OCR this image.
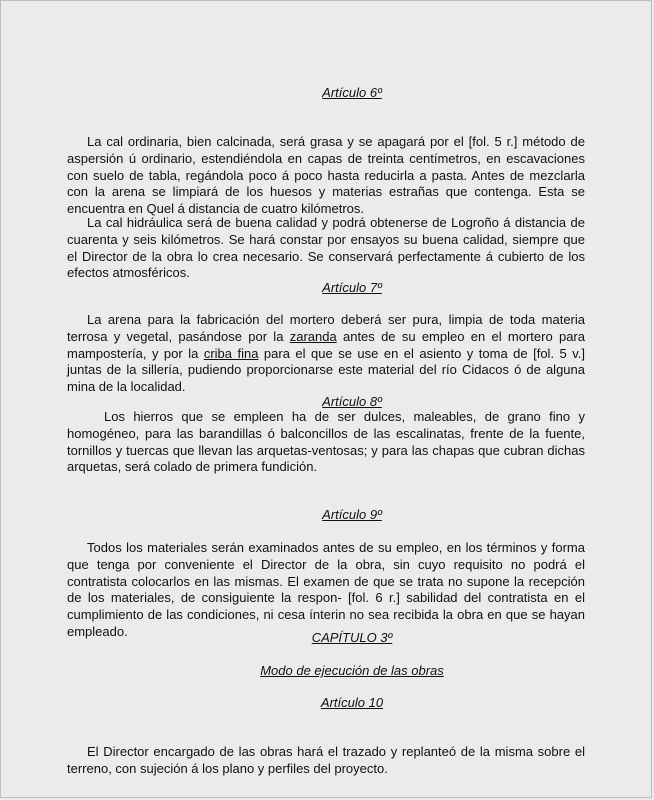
Artículo 6º
La cal ordinaria, bien calcinada, será grasa y se apagará por el [fol. 5 r.] método de aspersión ú ordinario, estendiéndola en capas de treinta centímetros, en escavaciones con suelo de tabla, regándola poco á poco hasta reducirla a pasta. Antes de mezclarla con la arena se limpiará de los huesos y materias estrañas que contenga. Esta se encuentra en Quel á distancia de cuatro kilómetros.
La cal hidráulica será de buena calidad y podrá obtenerse de Logroño á distancia de cuarenta y seis kilómetros. Se hará constar por ensayos su buena calidad, siempre que el Director de la obra lo crea necesario. Se conservará perfectamente á cubierto de los efectos atmosféricos.
Artículo 7º
La arena para la fabricación del mortero deberá ser pura, limpia de toda materia terrosa y vegetal, pasándose por la zaranda antes de su empleo en el mortero para mampostería, y por la criba fina para el que se use en el asiento y toma de [fol. 5 v.] juntas de la sillería, pudiendo proporcionarse este material del río Cidacos ó de alguna mina de la localidad.
Artículo 8º
Los hierros que se empleen ha de ser dulces, maleables, de grano fino y homogéneo, para las barandillas ó balconcillos de las escalinatas, frente de la fuente, tornillos y tuercas que llevan las arquetas-ventosas; y para las chapas que cubran dichas arquetas, será colado de primera fundición.
Artículo 9º
Todos los materiales serán examinados antes de su empleo, en los términos y forma que tenga por conveniente el Director de la obra, sin cuyo requisito no podrá el contratista colocarlos en las mismas. El examen de que se trata no supone la recepción de los materiales, de consiguiente la respon- [fol. 6 r.] sabilidad del contratista en el cumplimiento de las condiciones, ni cesa ínterin no sea recibida la obra en que se hayan empleado.	CAPÍTULO 3º
Modo de ejecución de las obras
Artículo 10
El Director encargado de las obras hará el trazado y replanteó de la misma sobre el terreno, con sujeción á los plano y perfiles del proyecto.
